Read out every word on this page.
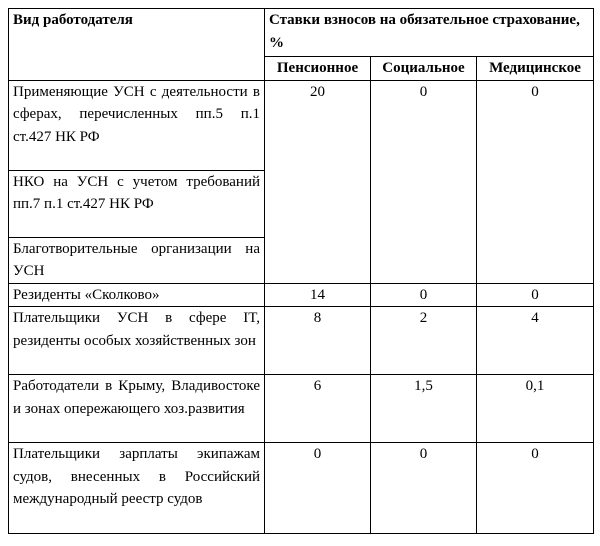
Вид работодателя	Ставки взносов на обязательное страхование, %		
	Пенсионное	Социальное	Медицинское
Применяющие УСН с деятельности в сферах, перечисленных пп.5 п.1 ст.427 НК РФ	20	0	0
НКО на УСН с учетом требований пп.7 п.1 ст.427 НК РФ			
Благотворительные организации на УСН			
Резиденты «Сколково»	14	0	0
Плательщики УСН в сфере IT, резиденты особых хозяйственных зон	8	2	4
Работодатели в Крыму, Владивостоке и зонах опережающего хоз.развития	6	1,5	0,1
Плательщики зарплаты экипажам судов, внесенных в Российский международный реестр судов	0	0	0
